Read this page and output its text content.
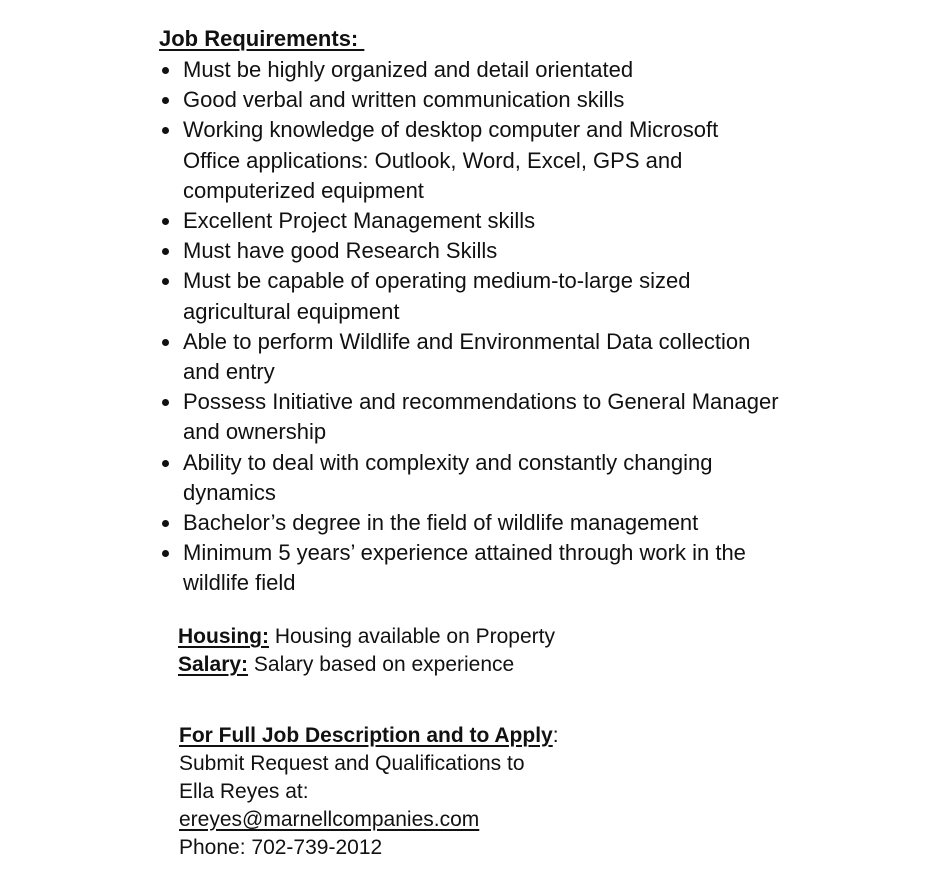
Job Requirements:
Must be highly organized and detail orientated
Good verbal and written communication skills
Working knowledge of desktop computer and Microsoft Office applications: Outlook, Word, Excel, GPS and computerized equipment
Excellent Project Management skills
Must have good Research Skills
Must be capable of operating medium-to-large sized agricultural equipment
Able to perform Wildlife and Environmental Data collection and entry
Possess Initiative and recommendations to General Manager and ownership
Ability to deal with complexity and constantly changing dynamics
Bachelor’s degree in the field of wildlife management
Minimum 5 years’ experience attained through work in the wildlife field
Housing: Housing available on Property
Salary: Salary based on experience
For Full Job Description and to Apply:
Submit Request and Qualifications to
Ella Reyes at:
ereyes@marnellcompanies.com
Phone: 702-739-2012
